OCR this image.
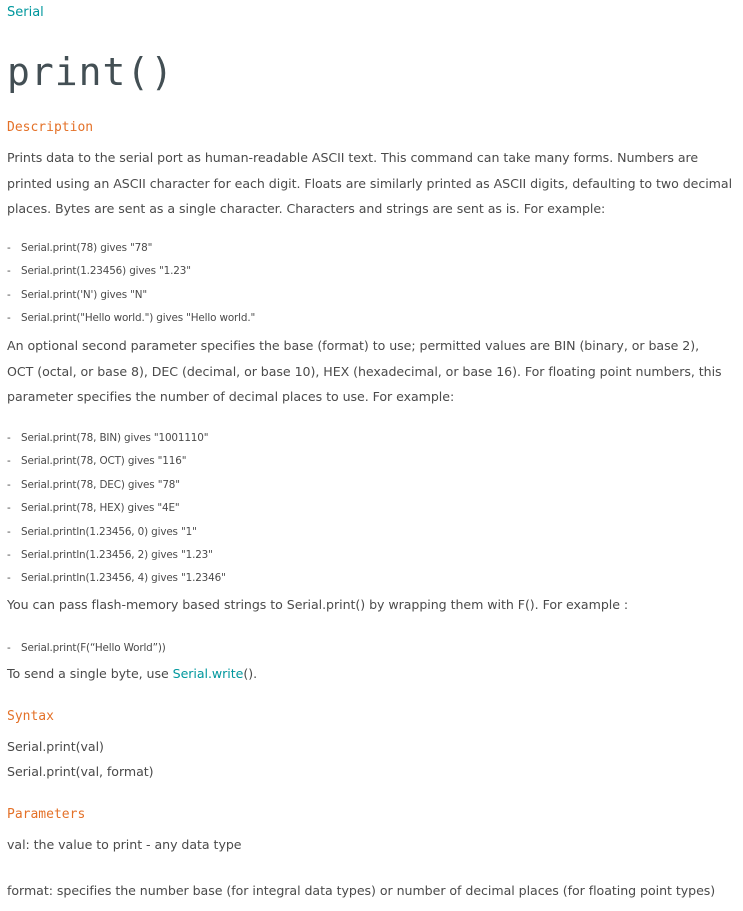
Serial
print()
Description

Prints data to the serial port as human-readable ASCII text. This command can take many forms. Numbers are printed using an ASCII character for each digit. Floats are similarly printed as ASCII digits, defaulting to two decimal places. Bytes are sent as a single character. Characters and strings are sent as is. For example:

- Serial.print(78) gives "78"
- Serial.print(1.23456) gives "1.23"
- Serial.print('N') gives "N"
- Serial.print("Hello world.") gives "Hello world."

An optional second parameter specifies the base (format) to use; permitted values are BIN (binary, or base 2), OCT (octal, or base 8), DEC (decimal, or base 10), HEX (hexadecimal, or base 16). For floating point numbers, this parameter specifies the number of decimal places to use. For example:

- Serial.print(78, BIN) gives "1001110"
- Serial.print(78, OCT) gives "116"
- Serial.print(78, DEC) gives "78"
- Serial.print(78, HEX) gives "4E"
- Serial.println(1.23456, 0) gives "1"
- Serial.println(1.23456, 2) gives "1.23"
- Serial.println(1.23456, 4) gives "1.2346"
You can pass flash-memory based strings to Serial.print() by wrapping them with F(). For example :
- Serial.print(F(“Hello World”))
To send a single byte, use Serial.write().
Syntax
Serial.print(val)
Serial.print(val, format)
Parameters
val: the value to print - any data type
format: specifies the number base (for integral data types) or number of decimal places (for floating point types)
